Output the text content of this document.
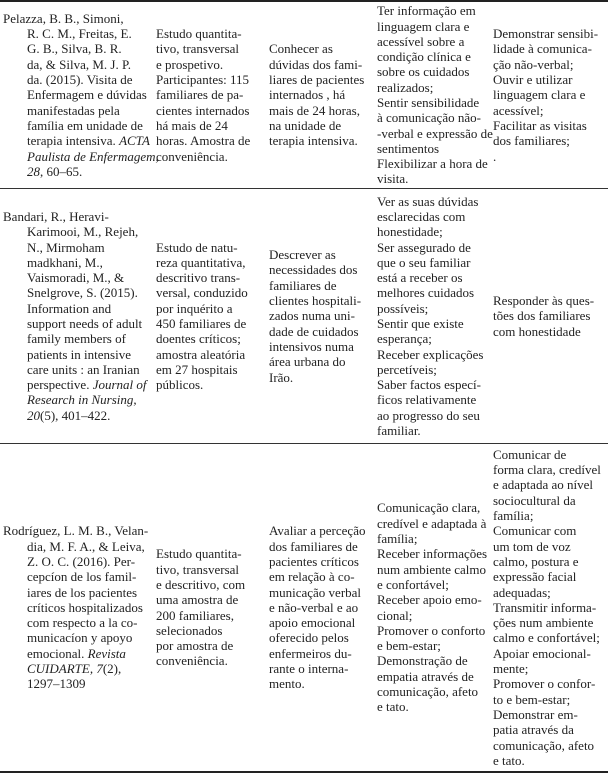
Pelazza, B. B., Simoni,
R. C. M., Freitas, E.
G. B., Silva, B. R.
da, & Silva, M. J. P.
da. (2015). Visita de
Enfermagem e dúvidas
manifestadas pela
família em unidade de
terapia intensiva. ACTA
Paulista de Enfermagem,
28, 60–65.
Estudo quantita-
tivo, transversal
e prospetivo.
Participantes: 115
familiares de pa-
cientes internados
há mais de 24
horas. Amostra de
conveniência.
Conhecer as
dúvidas dos fami-
liares de pacientes
internados , há
mais de 24 horas,
na unidade de
terapia intensiva.
Ter informação em
linguagem clara e
acessível sobre a
condição clínica e
sobre os cuidados
realizados;
Sentir sensibilidade
à comunicação não-
-verbal e expressão de
sentimentos
Flexibilizar a hora de
visita.
Demonstrar sensibi-
lidade à comunica-
ção não-verbal;
Ouvir e utilizar
linguagem clara e
acessível;
Facilitar as visitas
dos familiares;
.
Bandari, R., Heravi-
Karimooi, M., Rejeh,
N., Mirmoham
madkhani, M.,
Vaismoradi, M., &
Snelgrove, S. (2015).
Information and
support needs of adult
family members of
patients in intensive
care units : an Iranian
perspective. Journal of
Research in Nursing,
20(5), 401–422.
Estudo de natu-
reza quantitativa,
descritivo trans-
versal, conduzido
por inquérito a
450 familiares de
doentes críticos;
amostra aleatória
em 27 hospitais
públicos.
Descrever as
necessidades dos
familiares de
clientes hospitali-
zados numa uni-
dade de cuidados
intensivos numa
área urbana do
Irão.
Ver as suas dúvidas
esclarecidas com
honestidade;
Ser assegurado de
que o seu familiar
está a receber os
melhores cuidados
possíveis;
Sentir que existe
esperança;
Receber explicações
percetíveis;
Saber factos especí-
ficos relativamente
ao progresso do seu
familiar.
Responder às ques-
tões dos familiares
com honestidade
Rodríguez, L. M. B., Velan-
dia, M. F. A., & Leiva,
Z. O. C. (2016). Per-
cepcíon de los famil-
iares de los pacientes
críticos hospitalizados
com respecto a la co-
municacíon y apoyo
emocional. Revista
CUIDARTE, 7(2),
1297–1309
Estudo quantita-
tivo, transversal
e descritivo, com
uma amostra de
200 familiares,
selecionados
por amostra de
conveniência.
Avaliar a perceção
dos familiares de
pacientes críticos
em relação à co-
municação verbal
e não-verbal e ao
apoio emocional
oferecido pelos
enfermeiros du-
rante o interna-
mento.
Comunicação clara,
credível e adaptada à
família;
Receber informações
num ambiente calmo
e confortável;
Receber apoio emo-
cional;
Promover o conforto
e bem-estar;
Demonstração de
empatia através de
comunicação, afeto
e tato.
Comunicar de
forma clara, credível
e adaptada ao nível
sociocultural da
família;
Comunicar com
um tom de voz
calmo, postura e
expressão facial
adequadas;
Transmitir informa-
ções num ambiente
calmo e confortável;
Apoiar emocional-
mente;
Promover o confor-
to e bem-estar;
Demonstrar em-
patia através da
comunicação, afeto
e tato.
